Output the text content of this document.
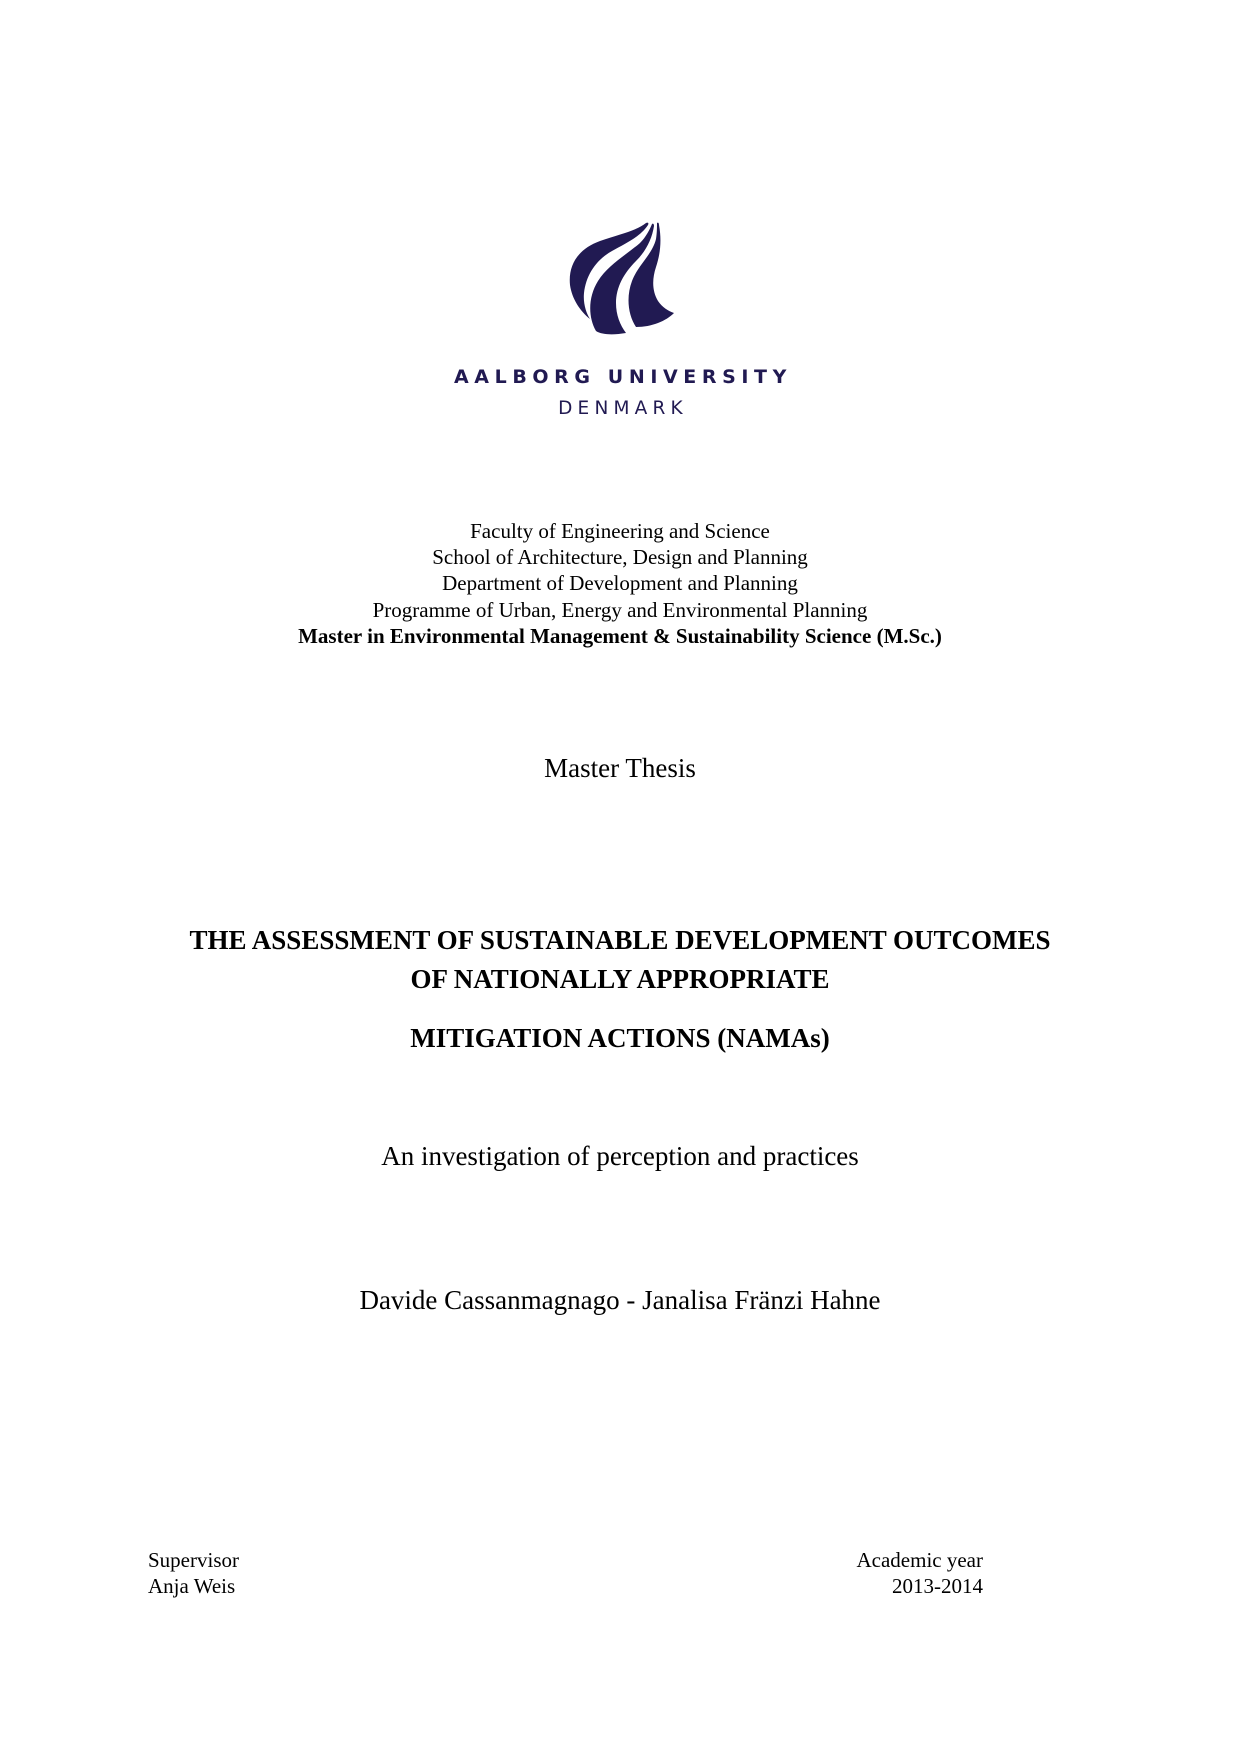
AALBORG UNIVERSITY
DENMARK
Faculty of Engineering and Science
School of Architecture, Design and Planning
Department of Development and Planning
Programme of Urban, Energy and Environmental Planning
Master in Environmental Management & Sustainability Science (M.Sc.)
Master Thesis
THE ASSESSMENT OF SUSTAINABLE DEVELOPMENT OUTCOMES
OF NATIONALLY APPROPRIATE
MITIGATION ACTIONS (NAMAs)
An investigation of perception and practices
Davide Cassanmagnago - Janalisa Fränzi Hahne
Supervisor
Anja Weis
Academic year
2013-2014
